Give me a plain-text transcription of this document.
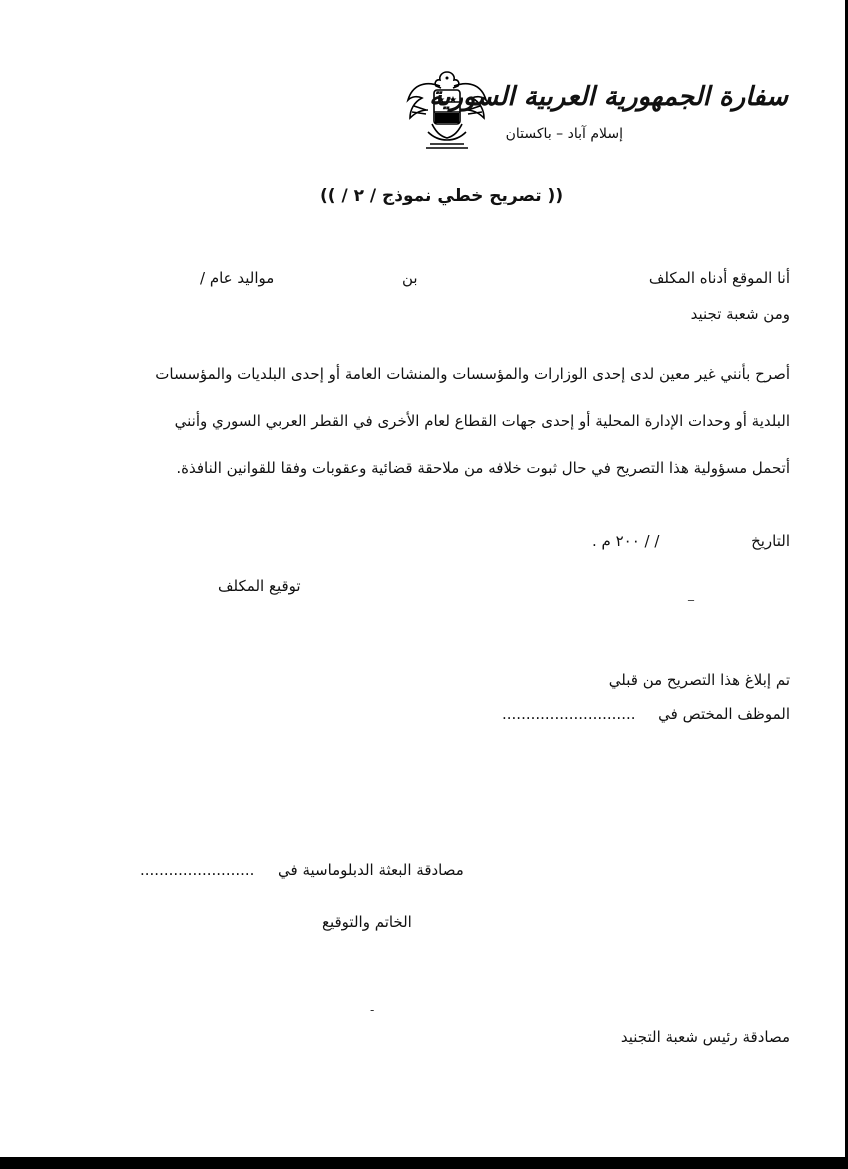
سفارة الجمهورية العربية السورية
إسلام آباد – باكستان
(( تصريح خطي نموذج / ٢ / ))
أنا الموقع أدناه المكلف
بن
مواليد عام /
ومن شعبة تجنيد
أصرح بأنني غير معين لدى إحدى الوزارات والمؤسسات والمنشات العامة أو إحدى البلديات والمؤسسات
البلدية أو وحدات الإدارة المحلية أو إحدى جهات القطاع لعام الأخرى في القطر العربي السوري وأنني
أتحمل مسؤولية هذا التصريح في حال ثبوت خلافه من ملاحقة قضائية وعقوبات وفقا للقوانين النافذة.
التاريخ
/ / ٢٠٠ م .
توقيع المكلف
تم إبلاغ هذا التصريح من قبلي
الموظف المختص في
............................
مصادقة البعثة الدبلوماسية في
........................
الخاتم والتوقيع
مصادقة رئيس شعبة التجنيد
_
-
